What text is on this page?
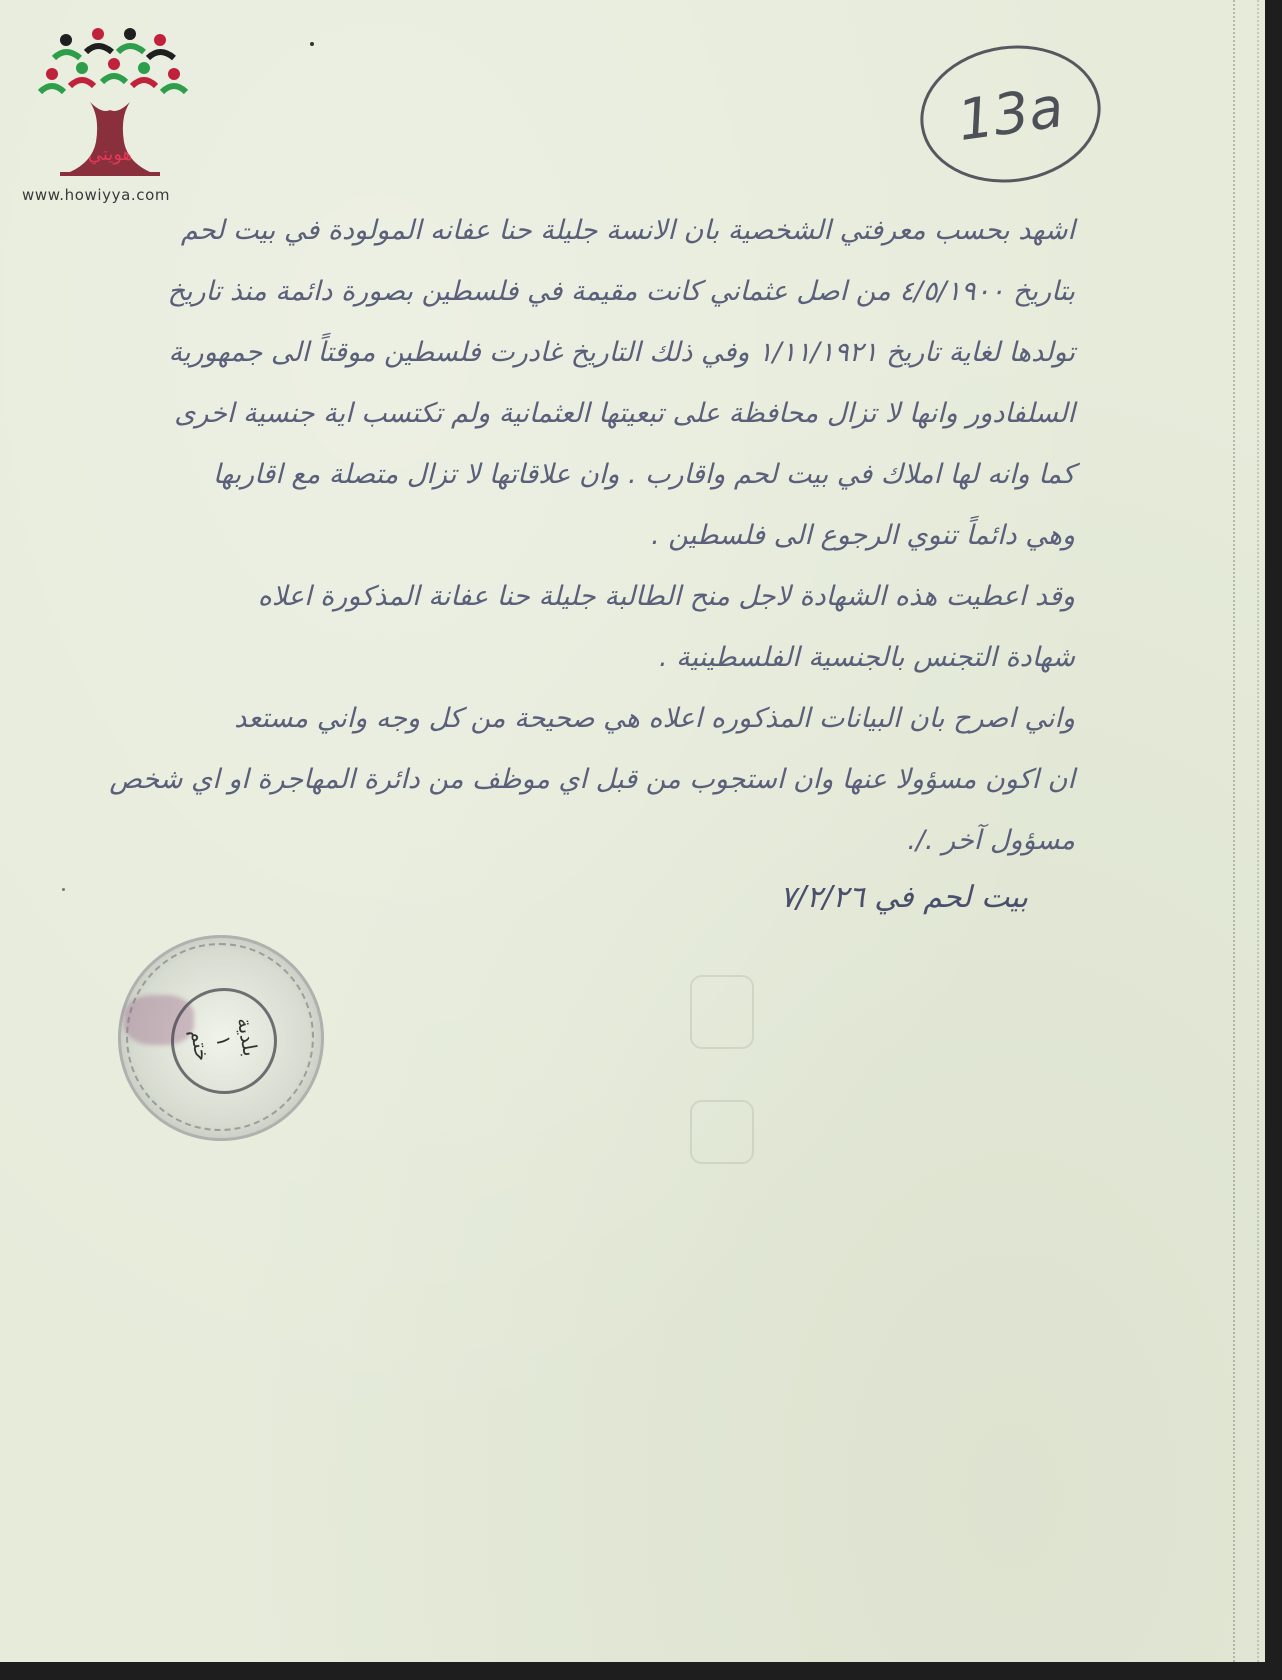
هويتي
www.howiyya.com
13a
اشهد بحسب معرفتي الشخصية بان الانسة جليلة حنا عفانه المولودة في بيت لحم
بتاريخ ٤/٥/١٩٠٠ من اصل عثماني كانت مقيمة في فلسطين بصورة دائمة منذ تاريخ
تولدها لغاية تاريخ ١/١١/١٩٢١ وفي ذلك التاريخ غادرت فلسطين موقتاً الى جمهورية
السلفادور وانها لا تزال محافظة على تبعيتها العثمانية ولم تكتسب اية جنسية اخرى
كما وانه لها املاك في بيت لحم واقارب . وان علاقاتها لا تزال متصلة مع اقاربها
وهي دائماً تنوي الرجوع الى فلسطين .
وقد اعطيت هذه الشهادة لاجل منح الطالبة جليلة حنا عفانة المذكورة اعلاه
شهادة التجنس بالجنسية الفلسطينية .
واني اصرح بان البيانات المذكوره اعلاه هي صحيحة من كل وجه واني مستعد
ان اكون مسؤولا عنها وان استجوب من قبل اي موظف من دائرة المهاجرة او اي شخص
مسؤول آخر ./.
بيت لحم في ٧/٢/٢٦
بلدية
١
ختم
